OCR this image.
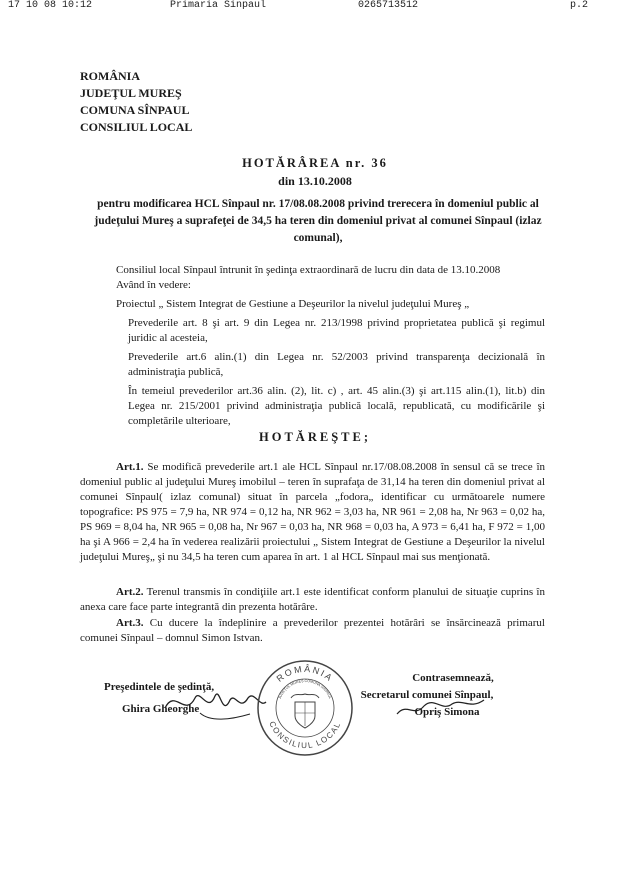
17 10 08 10:12	Primaria Sinpaul	0265713512	p.2
ROMÂNIA
JUDEŢUL MUREŞ
COMUNA SÎNPAUL
CONSILIUL LOCAL
HOTĂRÂREA nr. 36
din 13.10.2008
pentru modificarea HCL Sînpaul nr. 17/08.08.2008 privind trerecera în domeniul public al judeţului Mureş a suprafeţei de 34,5 ha teren din domeniul privat al comunei Sînpaul (izlaz comunal),
Consiliul local Sînpaul întrunit în şedinţa extraordinară de lucru din data de 13.10.2008
Având în vedere:
Proiectul „ Sistem Integrat de Gestiune a Deşeurilor la nivelul judeţului Mureş „

Prevederile art. 8 şi art. 9 din Legea nr. 213/1998 privind proprietatea publică şi regimul juridic al acesteia,

Prevederile art.6 alin.(1) din Legea nr. 52/2003 privind transparenţa decizională în administraţia publică,

În temeiul prevederilor art.36 alin. (2), lit. c) , art. 45 alin.(3) şi art.115 alin.(1), lit.b) din Legea nr. 215/2001 privind administraţia publică locală, republicată, cu modificările şi completările ulterioare,

HOTĂREŞTE;
Art.1. Se modifică prevederile art.1 ale HCL Sînpaul nr.17/08.08.2008 în sensul că se trece în domeniul public al judeţului Mureş imobilul – teren în suprafaţa de 31,14 ha teren din domeniul privat al comunei Sînpaul( izlaz comunal) situat în parcela „fodora„ identificar cu următoarele numere topografice: PS 975 = 7,9 ha, NR 974 = 0,12 ha, NR 962 = 3,03 ha, NR 961 = 2,08 ha, Nr 963 = 0,02 ha, PS 969 = 8,04 ha, NR 965 = 0,08 ha, Nr 967 = 0,03 ha, NR 968 = 0,03 ha, A 973 = 6,41 ha, F 972 = 1,00 ha şi A 966 = 2,4 ha în vederea realizării proiectului „ Sistem Integrat de Gestiune a Deşeurilor la nivelul judeţului Mureş„ şi nu 34,5 ha teren cum aparea în art. 1 al HCL Sînpaul mai sus menţionată.
Art.2. Terenul transmis în condiţiile art.1 este identificat conform planului de situaţie cuprins în anexa care face parte integrantă din prezenta hotărâre.
Art.3. Cu ducere la îndeplinire a prevederilor prezentei hotărâri se însărcinează primarul comunei Sînpaul – domnul Simon Istvan.
Preşedintele de şedinţă,
Ghira Gheorghe
ROMÂNIA
CONSILIUL LOCAL
JUDEŢUL MUREŞ COMUNA SÎNPAUL
Contrasemnează,
Secretarul comunei Sînpaul,
Opriş Simona
